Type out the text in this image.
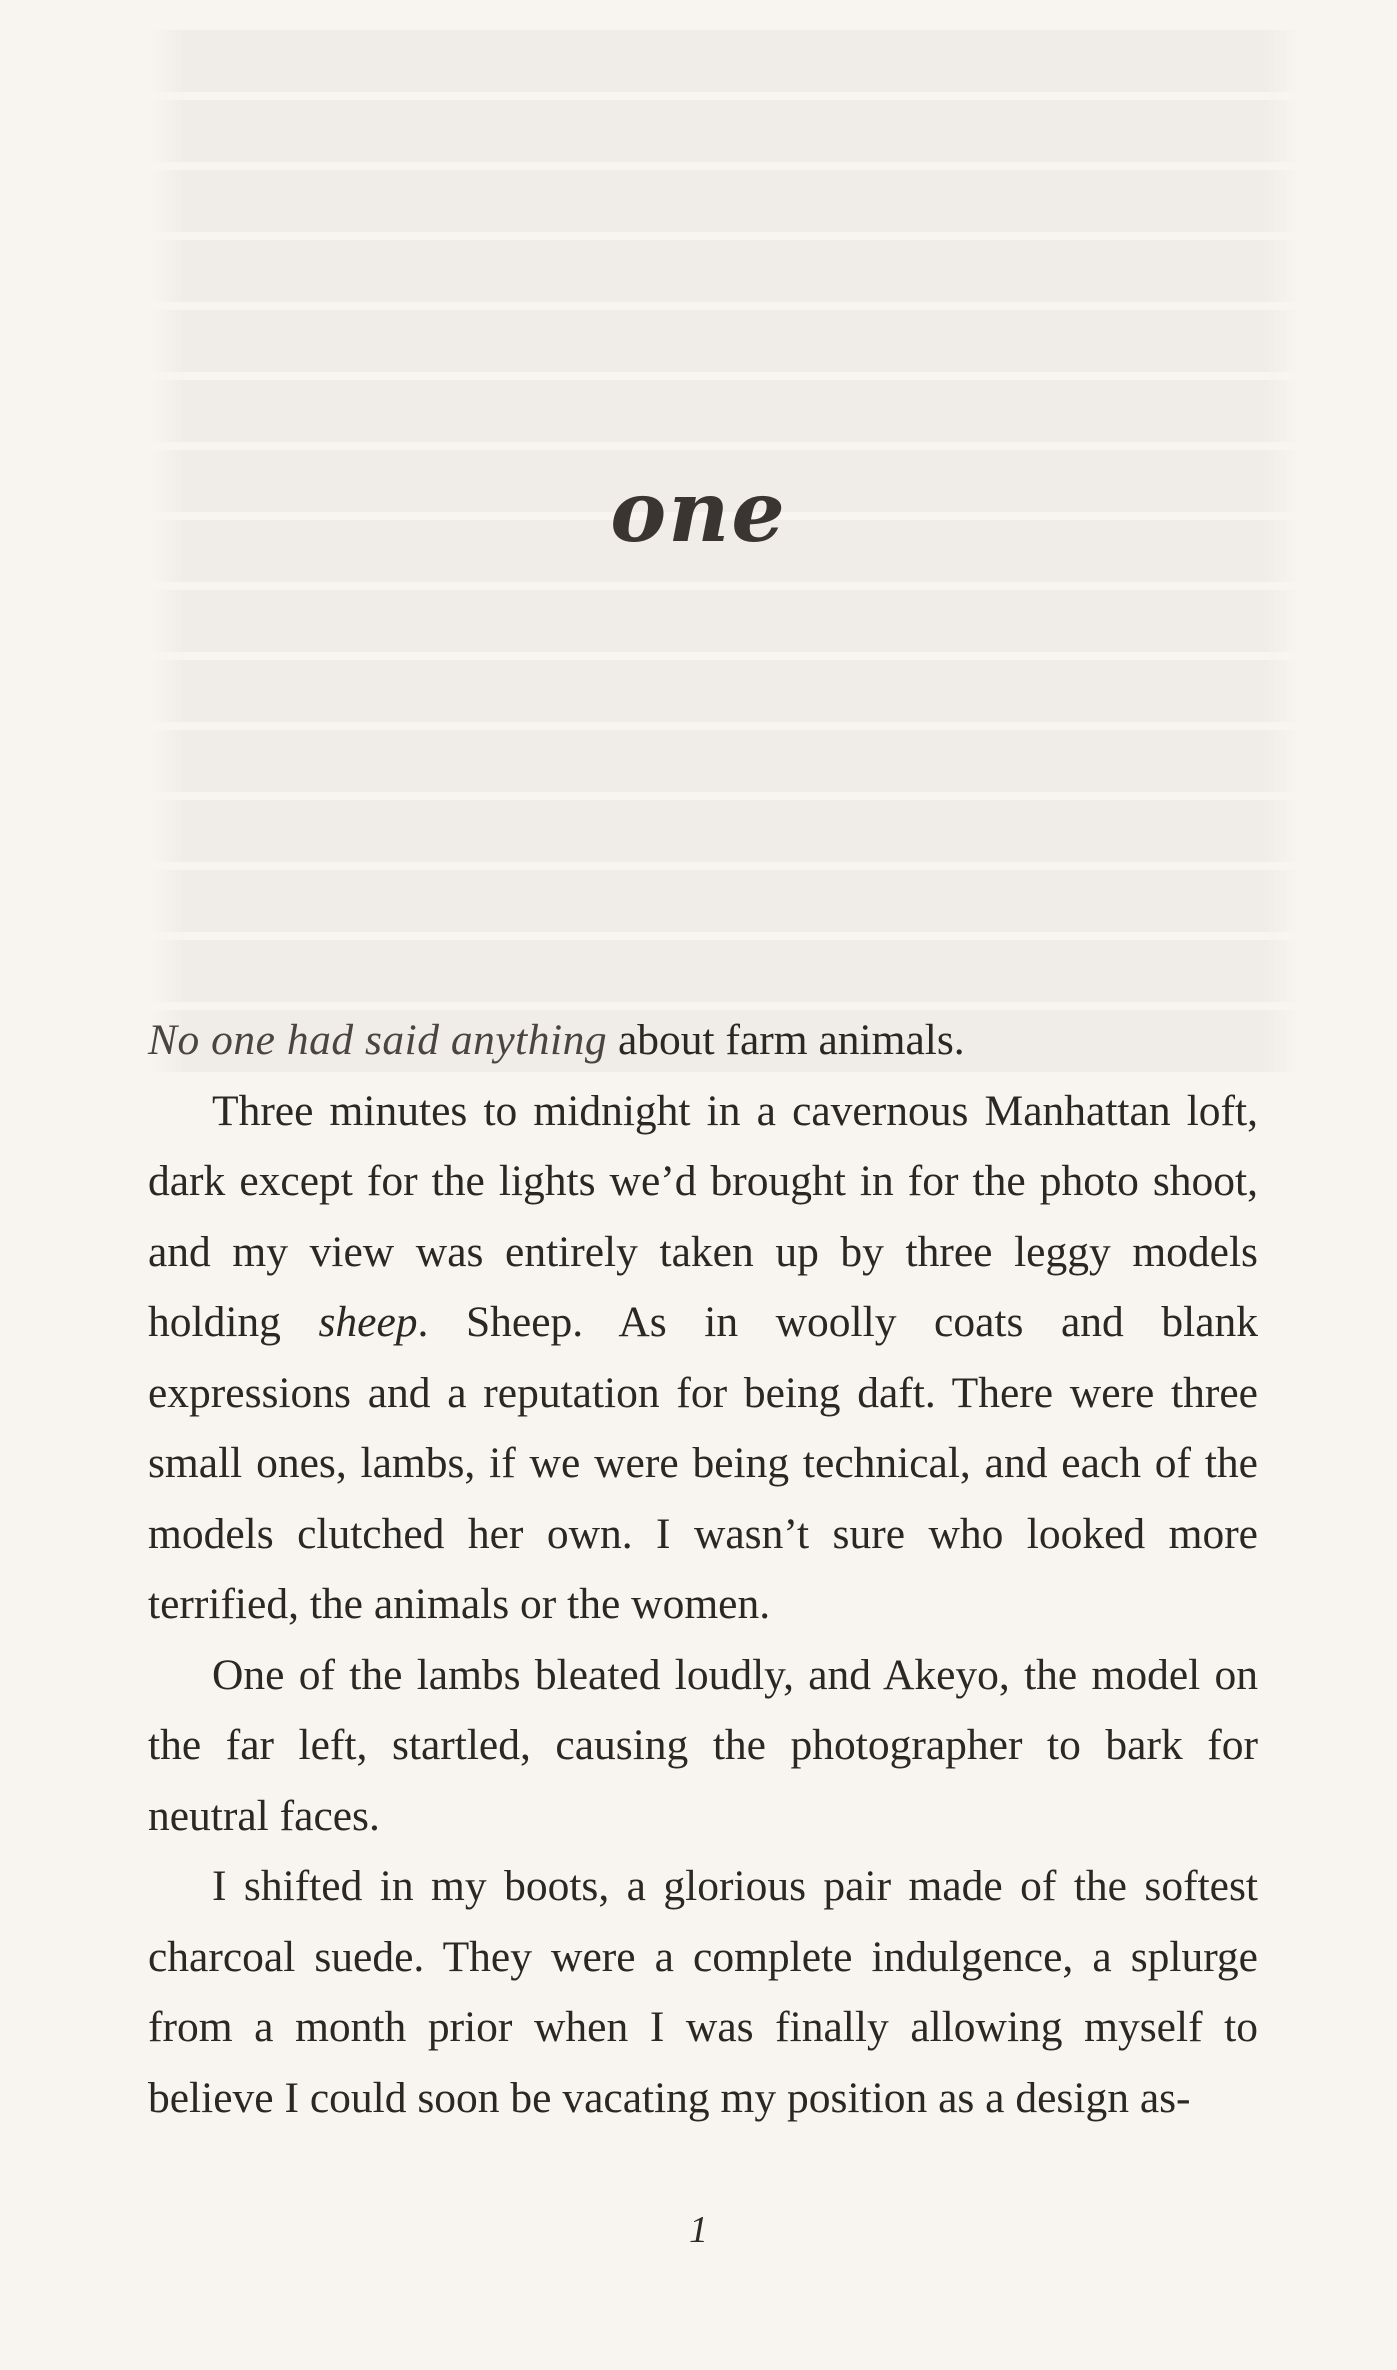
one

No one had said anything about farm animals.

Three minutes to midnight in a cavernous Manhattan loft, dark except for the lights we’d brought in for the photo shoot, and my view was entirely taken up by three leggy models holding sheep. Sheep. As in woolly coats and blank expressions and a reputation for being daft. There were three small ones, lambs, if we were being technical, and each of the models clutched her own. I wasn’t sure who looked more terrified, the animals or the women.

One of the lambs bleated loudly, and Akeyo, the model on the far left, startled, causing the photographer to bark for neutral faces.

I shifted in my boots, a glorious pair made of the softest charcoal suede. They were a complete indulgence, a splurge from a month prior when I was finally allowing myself to believe I could soon be vacating my position as a design as-

1
